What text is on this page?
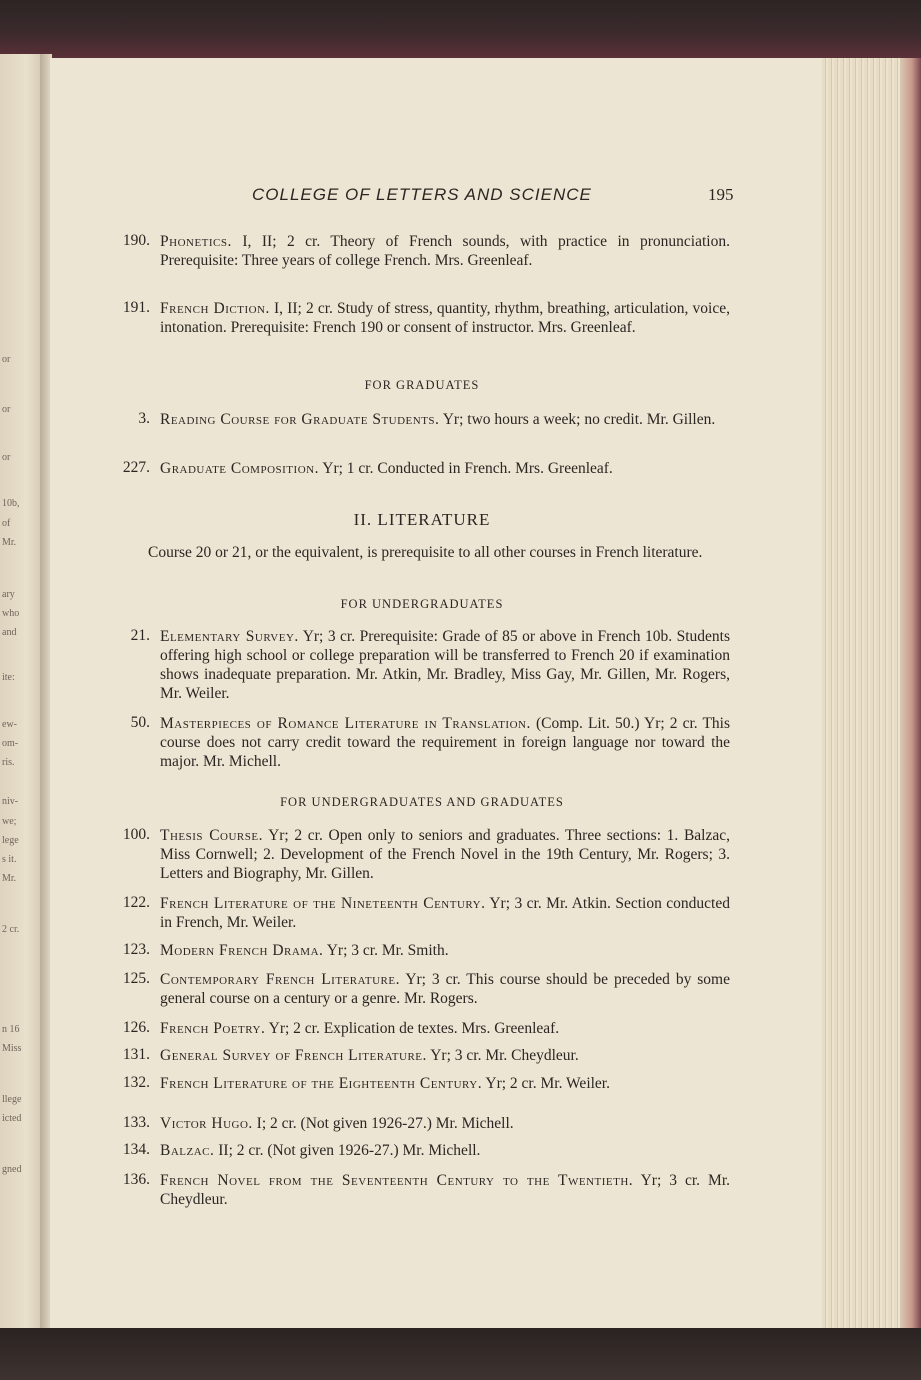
or
or
or
10b,
of
Mr.
ary
who
and
ite:
ew-
om-
ris.
niv-
we;
lege
s it.
Mr.
2 cr.
n 16
Miss
llege
icted
gned
COLLEGE OF LETTERS AND SCIENCE	195
190. Phonetics. I, II; 2 cr. Theory of French sounds, with practice in pronunciation. Prerequisite: Three years of college French. Mrs. Greenleaf.
191. French Diction. I, II; 2 cr. Study of stress, quantity, rhythm, breathing, articulation, voice, intonation. Prerequisite: French 190 or consent of instructor. Mrs. Greenleaf.
FOR GRADUATES
3. Reading Course for Graduate Students. Yr; two hours a week; no credit. Mr. Gillen.
227. Graduate Composition. Yr; 1 cr. Conducted in French. Mrs. Greenleaf.
II. LITERATURE
Course 20 or 21, or the equivalent, is prerequisite to all other courses in French literature.
FOR UNDERGRADUATES
21. Elementary Survey. Yr; 3 cr. Prerequisite: Grade of 85 or above in French 10b. Students offering high school or college preparation will be transferred to French 20 if examination shows inadequate preparation. Mr. Atkin, Mr. Bradley, Miss Gay, Mr. Gillen, Mr. Rogers, Mr. Weiler.
50. Masterpieces of Romance Literature in Translation. (Comp. Lit. 50.) Yr; 2 cr. This course does not carry credit toward the requirement in foreign language nor toward the major. Mr. Michell.
FOR UNDERGRADUATES AND GRADUATES
100. Thesis Course. Yr; 2 cr. Open only to seniors and graduates. Three sections: 1. Balzac, Miss Cornwell; 2. Development of the French Novel in the 19th Century, Mr. Rogers; 3. Letters and Biography, Mr. Gillen.
122. French Literature of the Nineteenth Century. Yr; 3 cr. Mr. Atkin. Section conducted in French, Mr. Weiler.
123. Modern French Drama. Yr; 3 cr. Mr. Smith.
125. Contemporary French Literature. Yr; 3 cr. This course should be preceded by some general course on a century or a genre. Mr. Rogers.
126. French Poetry. Yr; 2 cr. Explication de textes. Mrs. Greenleaf.
131. General Survey of French Literature. Yr; 3 cr. Mr. Cheydleur.
132. French Literature of the Eighteenth Century. Yr; 2 cr. Mr. Weiler.
133. Victor Hugo. I; 2 cr. (Not given 1926-27.) Mr. Michell.
134. Balzac. II; 2 cr. (Not given 1926-27.) Mr. Michell.
136. French Novel from the Seventeenth Century to the Twentieth. Yr; 3 cr. Mr. Cheydleur.
